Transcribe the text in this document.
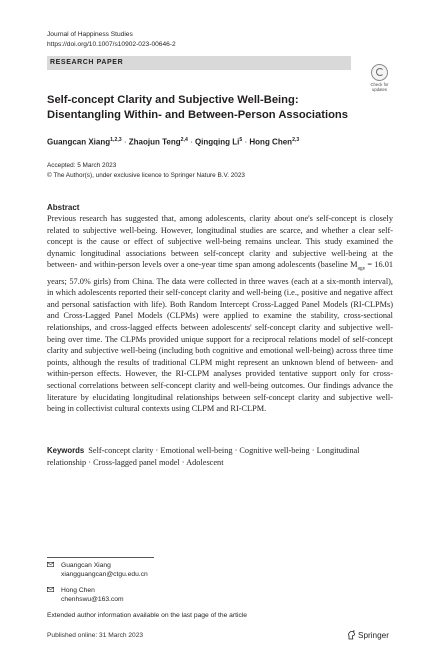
Journal of Happiness Studies
https://doi.org/10.1007/s10902-023-00646-2
RESEARCH PAPER
Check for
updates
Self-concept Clarity and Subjective Well-Being:
Disentangling Within- and Between-Person Associations
Guangcan Xiang$^{1,2,3}$ · Zhaojun Teng$^{2,4}$ · Qingqing $Li^5$ · Hong Chen$^{2,3}$
Accepted: 5 March 2023
© The Author(s), under exclusive licence to Springer Nature B.V. 2023
Abstract
Previous research has suggested that, among adolescents, clarity about one's self-concept is closely related to subjective well-being. However, longitudinal studies are scarce, and whether a clear self-concept is the cause or effect of subjective well-being remains unclear. This study examined the dynamic longitudinal associations between self-concept clarity and subjective well-being at the between- and within-person levels over a one-year time span among adolescents (baseline $M_{age} = 16.01$ years; 57.0% girls) from China. The data were collected in three waves (each at a six-month interval), in which adolescents reported their self-concept clarity and well-being (i.e., positive and negative affect and personal satisfaction with life). Both Random Intercept Cross-Lagged Panel Models (RI-CLPMs) and Cross-Lagged Panel Models (CLPMs) were applied to examine the stability, cross-sectional relationships, and cross-lagged effects between adolescents' self-concept clarity and subjective well-being over time. The CLPMs provided unique support for a reciprocal relations model of self-concept clarity and subjective well-being (including both cognitive and emotional well-being) across three time points, although the results of traditional CLPM might represent an unknown blend of between- and within-person effects. However, the RI-CLPM analyses provided tentative support only for cross-sectional correlations between self-concept clarity and well-being outcomes. Our findings advance the literature by elucidating longitudinal relationships between self-concept clarity and subjective wellbeing in collectivist cultural contexts using CLPM and RI-CLPM.
Keywords Self-concept clarity · Emotional well-being · Cognitive well-being · Longitudinal relationship · Cross-lagged panel model · Adolescent
Guangcan Xiang
xiangguangcan@ctgu.edu.cn
Hong Chen
chenhswu@163.com
Extended author information available on the last page of the article
Published online: 31 March 2023	Springer
